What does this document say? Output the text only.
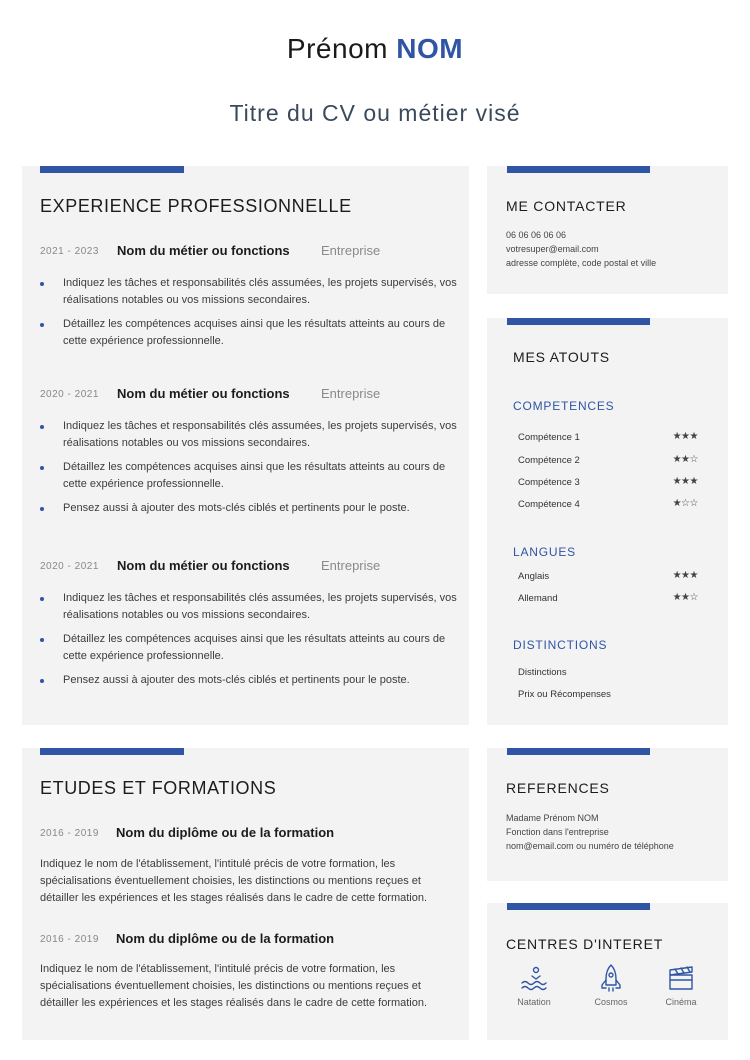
Prénom NOM
Titre du CV ou métier visé
EXPERIENCE PROFESSIONNELLE
2021 - 2023 Nom du métier ou fonctions Entreprise
Indiquez les tâches et responsabilités clés assumées, les projets supervisés, vos réalisations notables ou vos missions secondaires.
Détaillez les compétences acquises ainsi que les résultats atteints au cours de cette expérience professionnelle.
2020 - 2021 Nom du métier ou fonctions Entreprise
Indiquez les tâches et responsabilités clés assumées, les projets supervisés, vos réalisations notables ou vos missions secondaires.
Détaillez les compétences acquises ainsi que les résultats atteints au cours de cette expérience professionnelle.
Pensez aussi à ajouter des mots-clés ciblés et pertinents pour le poste.
2020 - 2021 Nom du métier ou fonctions Entreprise
Indiquez les tâches et responsabilités clés assumées, les projets supervisés, vos réalisations notables ou vos missions secondaires.
Détaillez les compétences acquises ainsi que les résultats atteints au cours de cette expérience professionnelle.
Pensez aussi à ajouter des mots-clés ciblés et pertinents pour le poste.
ME CONTACTER
06 06 06 06 06
votresuper@email.com
adresse complète, code postal et ville
MES ATOUTS
COMPETENCES
Compétence 1	★★★
Compétence 2	★★☆
Compétence 3	★★★
Compétence 4	★☆☆
LANGUES
Anglais	★★★
Allemand	★★☆
DISTINCTIONS
Distinctions
Prix ou Récompenses
ETUDES ET FORMATIONS
2016 - 2019 Nom du diplôme ou de la formation
Indiquez le nom de l'établissement, l'intitulé précis de votre formation, les spécialisations éventuellement choisies, les distinctions ou mentions reçues et détailler les expériences et les stages réalisés dans le cadre de cette formation.
2016 - 2019 Nom du diplôme ou de la formation
Indiquez le nom de l'établissement, l'intitulé précis de votre formation, les spécialisations éventuellement choisies, les distinctions ou mentions reçues et détailler les expériences et les stages réalisés dans le cadre de cette formation.
REFERENCES
Madame Prénom NOM
Fonction dans l'entreprise
nom@email.com ou numéro de téléphone
CENTRES D'INTERET
Natation	Cosmos	Cinéma
